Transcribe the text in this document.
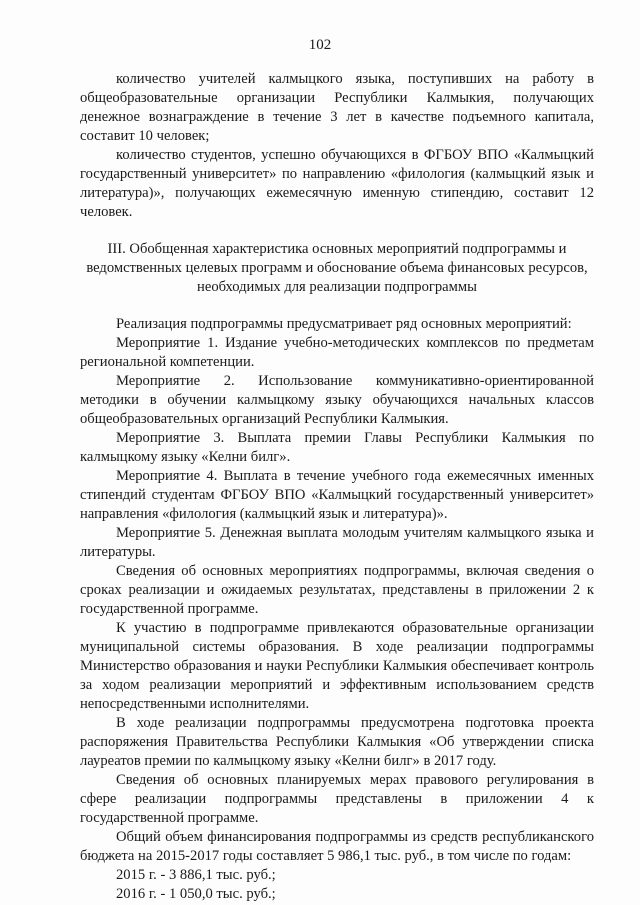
102

количество учителей калмыцкого языка, поступивших на работу в общеобразовательные организации Республики Калмыкия, получающих денежное вознаграждение в течение 3 лет в качестве подъемного капитала, составит 10 человек;

количество студентов, успешно обучающихся в ФГБОУ ВПО «Калмыцкий государственный университет» по направлению «филология (калмыцкий язык и литература)», получающих ежемесячную именную стипендию, составит 12 человек.

III. Обобщенная характеристика основных мероприятий подпрограммы и
ведомственных целевых программ и обоснование объема финансовых ресурсов,
необходимых для реализации подпрограммы

Реализация подпрограммы предусматривает ряд основных мероприятий:

Мероприятие 1. Издание учебно-методических комплексов по предметам региональной компетенции.

Мероприятие 2. Использование коммуникативно-ориентированной методики в обучении калмыцкому языку обучающихся начальных классов общеобразовательных организаций Республики Калмыкия.

Мероприятие 3. Выплата премии Главы Республики Калмыкия по калмыцкому языку «Келни билг».

Мероприятие 4. Выплата в течение учебного года ежемесячных именных стипендий студентам ФГБОУ ВПО «Калмыцкий государственный университет» направления «филология (калмыцкий язык и литература)».

Мероприятие 5. Денежная выплата молодым учителям калмыцкого языка и литературы.

Сведения об основных мероприятиях подпрограммы, включая сведения о сроках реализации и ожидаемых результатах, представлены в приложении 2 к государственной программе.

К участию в подпрограмме привлекаются образовательные организации муниципальной системы образования. В ходе реализации подпрограммы Министерство образования и науки Республики Калмыкия обеспечивает контроль за ходом реализации мероприятий и эффективным использованием средств непосредственными исполнителями.

В ходе реализации подпрограммы предусмотрена подготовка проекта распоряжения Правительства Республики Калмыкия «Об утверждении списка лауреатов премии по калмыцкому языку «Келни билг» в 2017 году.

Сведения об основных планируемых мерах правового регулирования в сфере реализации подпрограммы представлены в приложении 4 к государственной программе.

Общий объем финансирования подпрограммы из средств республиканского бюджета на 2015-2017 годы составляет 5 986,1 тыс. руб., в том числе по годам:

2015 г. - 3 886,1 тыс. руб.;

2016 г. - 1 050,0 тыс. руб.;
